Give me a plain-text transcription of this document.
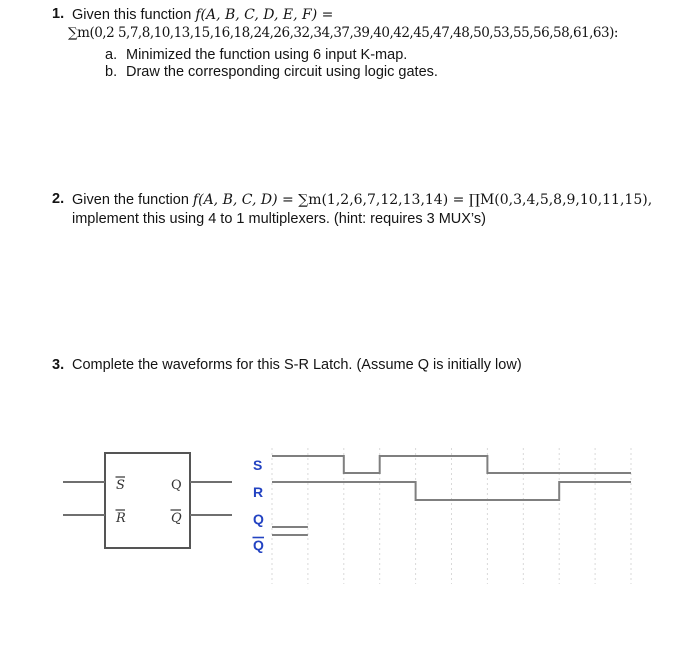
1. Given this function f(A, B, C, D, E, F) =
∑m(0,2 5,7,8,10,13,15,16,18,24,26,32,34,37,39,40,42,45,47,48,50,53,55,56,58,61,63):
a. Minimized the function using 6 input K-map.
b. Draw the corresponding circuit using logic gates.
2. Given the function f(A, B, C, D) = ∑m(1,2,6,7,12,13,14) = ∏M(0,3,4,5,8,9,10,11,15),
implement this using 4 to 1 multiplexers. (hint: requires 3 MUX’s)
3. Complete the waveforms for this S-R Latch. (Assume Q is initially low)
S
R
Q
Q
S
R
Q
Q
